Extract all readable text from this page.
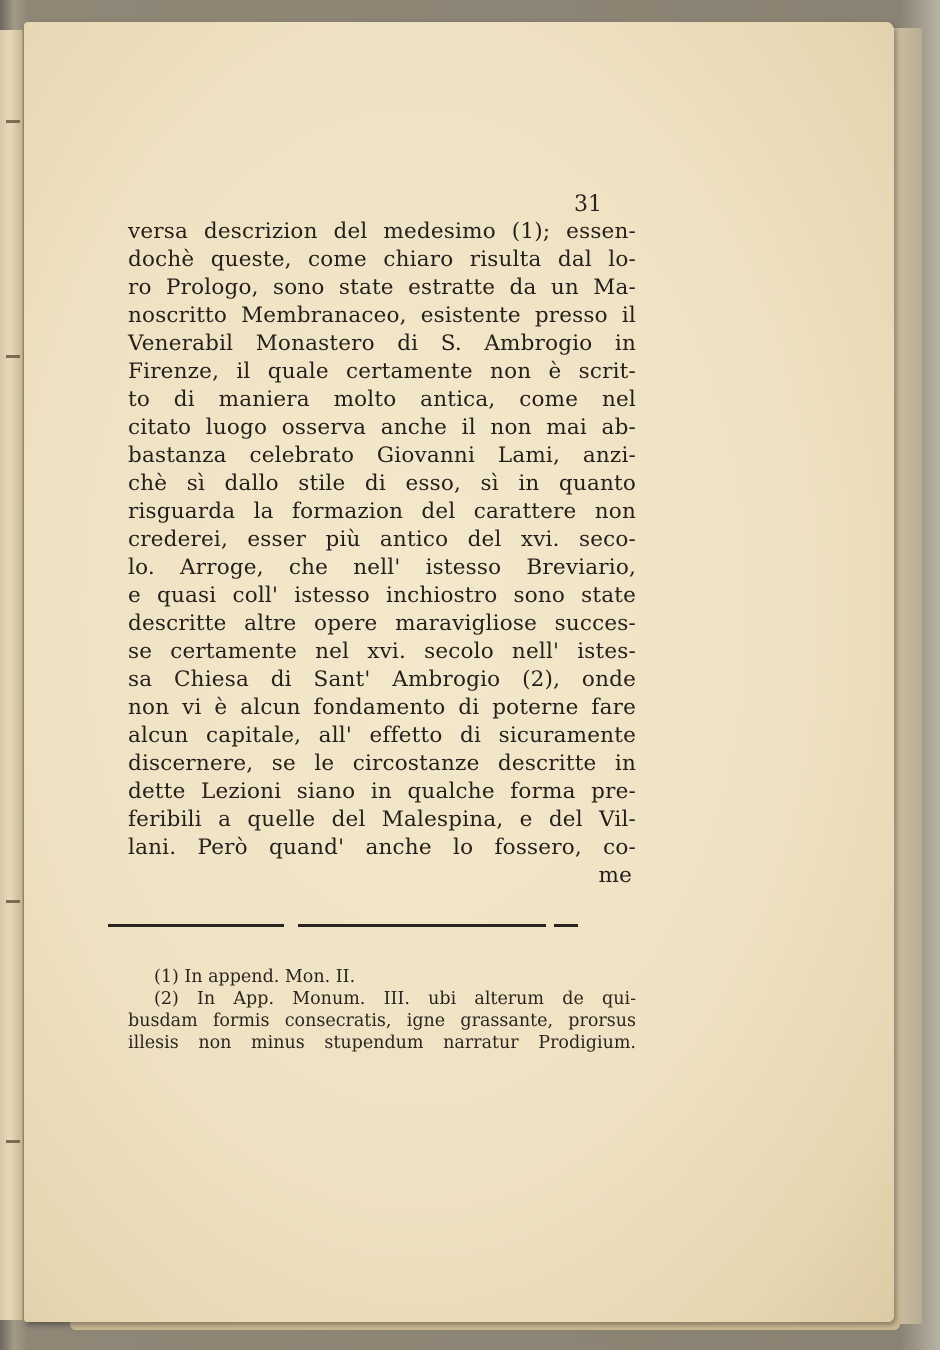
31
versa descrizion del medesimo (1); essen-
dochè queste, come chiaro risulta dal lo-
ro Prologo, sono state estratte da un Ma-
noscritto Membranaceo, esistente presso il
Venerabil Monastero di S. Ambrogio in
Firenze, il quale certamente non è scrit-
to di maniera molto antica, come nel
citato luogo osserva anche il non mai ab-
bastanza celebrato Giovanni Lami, anzi-
chè sì dallo stile di esso, sì in quanto
risguarda la formazion del carattere non
crederei, esser più antico del xvi. seco-
lo. Arroge, che nell' istesso Breviario,
e quasi coll' istesso inchiostro sono state
descritte altre opere maravigliose succes-
se certamente nel xvi. secolo nell' istes-
sa Chiesa di Sant' Ambrogio (2), onde
non vi è alcun fondamento di poterne fare
alcun capitale, all' effetto di sicuramente
discernere, se le circostanze descritte in
dette Lezioni siano in qualche forma pre-
feribili a quelle del Malespina, e del Vil-
lani. Però quand' anche lo fossero, co-
me
(1) In append. Mon. II.
(2) In App. Monum. III. ubi alterum de qui-
busdam formis consecratis, igne grassante, prorsus
illesis non minus stupendum narratur Prodigium.
